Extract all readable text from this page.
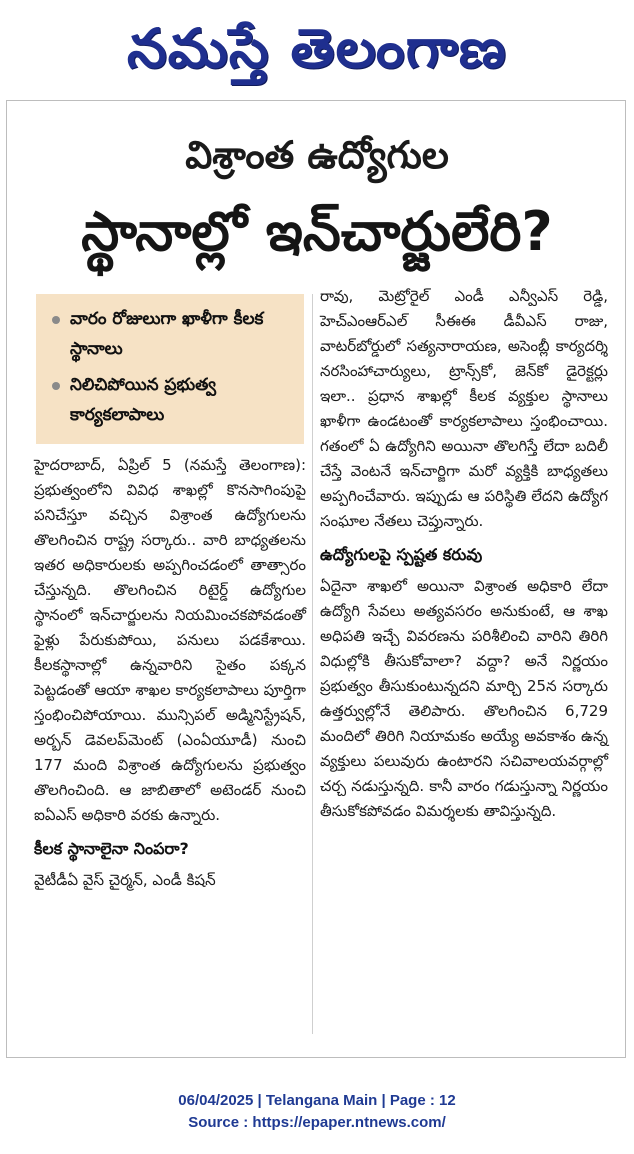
నమస్తే తెలంగాణ
విశ్రాంత ఉద్యోగుల
స్థానాల్లో ఇన్‌చార్జులేరి?
వారం రోజులుగా ఖాళీగా కీలక స్థానాలు
నిలిచిపోయిన ప్రభుత్వ కార్యకలాపాలు

హైదరాబాద్, ఏప్రిల్ 5 (నమస్తే తెలంగాణ): ప్రభుత్వంలోని వివిధ శాఖల్లో కొనసాగింపుపై పనిచేస్తూ వచ్చిన విశ్రాంత ఉద్యోగులను తొలగించిన రాష్ట్ర సర్కారు.. వారి బాధ్యతలను ఇతర అధికారులకు అప్పగించడంలో తాత్సారం చేస్తున్నది. తొలగించిన రిటైర్డ్ ఉద్యోగుల స్థానంలో ఇన్‌చార్జులను నియమించకపోవడంతో ఫైళ్లు పేరుకుపోయి, పనులు పడకేశాయి. కీలకస్థానాల్లో ఉన్నవారిని సైతం పక్కన పెట్టడంతో ఆయా శాఖల కార్యకలాపాలు పూర్తిగా స్తంభించిపోయాయి. మున్సిపల్ అడ్మినిస్ట్రేషన్, అర్బన్ డెవలప్‌మెంట్ (ఎంఏయూడీ) నుంచి 177 మంది విశ్రాంత ఉద్యోగులను ప్రభుత్వం తొలగించింది. ఆ జాబితాలో అటెండర్ నుంచి ఐఏఎస్ అధికారి వరకు ఉన్నారు.

కీలక స్థానాలైనా నింపరా?

వైటీడీఏ వైస్ చైర్మన్, ఎండీ కిషన్

రావు, మెట్రోరైల్ ఎండీ ఎన్వీఎస్ రెడ్డి, హెచ్ఎంఆర్ఎల్ సీఈఈ డీవీఎస్ రాజు, వాటర్‌బోర్డులో సత్యనారాయణ, అసెంబ్లీ కార్యదర్శి నరసింహాచార్యులు, ట్రాన్స్‌కో, జెన్‌కో డైరెక్టర్లు ఇలా.. ప్రధాన శాఖల్లో కీలక వ్యక్తుల స్థానాలు ఖాళీగా ఉండటంతో కార్యకలాపాలు స్తంభించాయి. గతంలో ఏ ఉద్యోగిని అయినా తొలగిస్తే లేదా బదిలీ చేస్తే వెంటనే ఇన్‌చార్జిగా మరో వ్యక్తికి బాధ్యతలు అప్పగించేవారు. ఇప్పుడు ఆ పరిస్థితి లేదని ఉద్యోగ సంఘాల నేతలు చెప్తున్నారు.

ఉద్యోగులపై స్పష్టత కరువు

ఏదైనా శాఖలో అయినా విశ్రాంత అధికారి లేదా ఉద్యోగి సేవలు అత్యవసరం అనుకుంటే, ఆ శాఖ అధిపతి ఇచ్చే వివరణను పరిశీలించి వారిని తిరిగి విధుల్లోకి తీసుకోవాలా? వద్దా? అనే నిర్ణయం ప్రభుత్వం తీసుకుంటున్నదని మార్చి 25న సర్కారు ఉత్తర్వుల్లోనే తెలిపారు. తొలగించిన 6,729 మందిలో తిరిగి నియామకం అయ్యే అవకాశం ఉన్న వ్యక్తులు పలువురు ఉంటారని సచివాలయవర్గాల్లో చర్చ నడుస్తున్నది. కానీ వారం గడుస్తున్నా నిర్ణయం తీసుకోకపోవడం విమర్శలకు తావిస్తున్నది.

06/04/2025 | Telangana Main | Page : 12
Source : https://epaper.ntnews.com/
